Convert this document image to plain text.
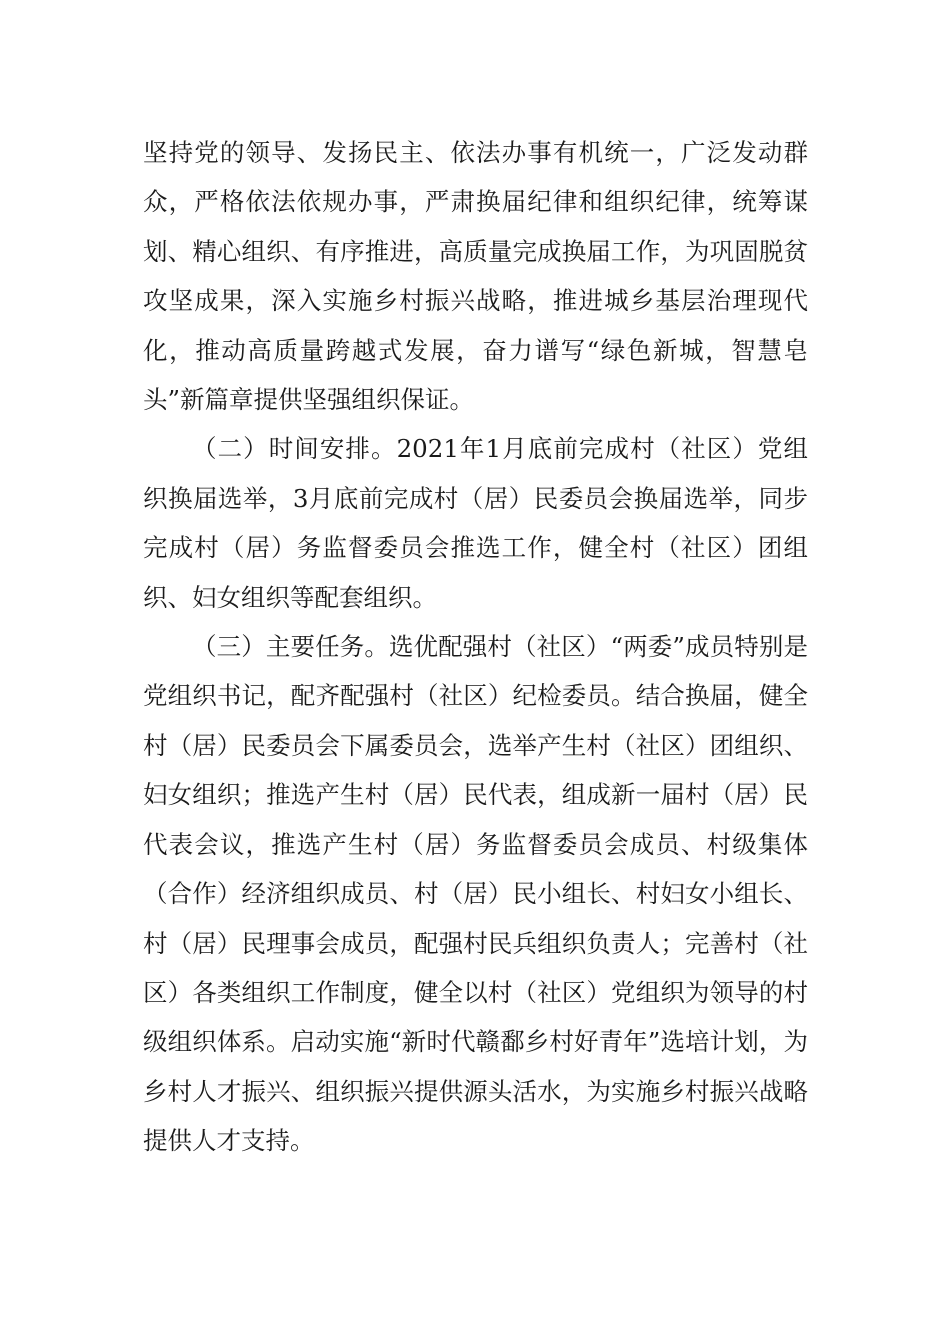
坚持党的领导、发扬民主、依法办事有机统一，广泛发动群众，严格依法依规办事，严肃换届纪律和组织纪律，统筹谋划、精心组织、有序推进，高质量完成换届工作，为巩固脱贫攻坚成果，深入实施乡村振兴战略，推进城乡基层治理现代化，推动高质量跨越式发展，奋力谱写“绿色新城，智慧皂头”新篇章提供坚强组织保证。

（二）时间安排。2021年1月底前完成村（社区）党组织换届选举，3月底前完成村（居）民委员会换届选举，同步完成村（居）务监督委员会推选工作，健全村（社区）团组织、妇女组织等配套组织。

（三）主要任务。选优配强村（社区）“两委”成员特别是党组织书记，配齐配强村（社区）纪检委员。结合换届，健全村（居）民委员会下属委员会，选举产生村（社区）团组织、妇女组织；推选产生村（居）民代表，组成新一届村（居）民代表会议，推选产生村（居）务监督委员会成员、村级集体（合作）经济组织成员、村（居）民小组长、村妇女小组长、村（居）民理事会成员，配强村民兵组织负责人；完善村（社区）各类组织工作制度，健全以村（社区）党组织为领导的村级组织体系。启动实施“新时代赣鄱乡村好青年”选培计划，为乡村人才振兴、组织振兴提供源头活水，为实施乡村振兴战略提供人才支持。
